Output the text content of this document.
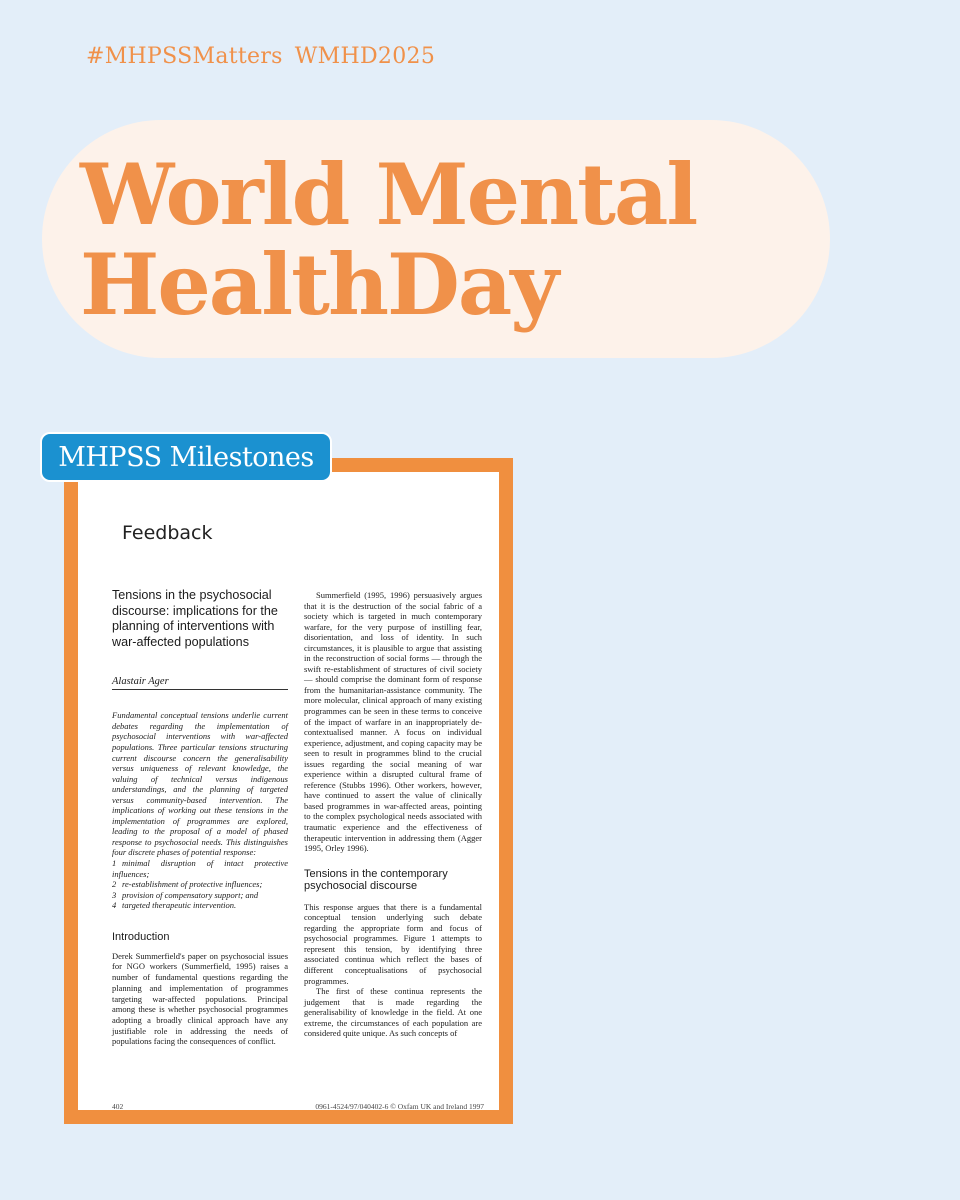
#MHPSSMatters WMHD2025
World Mental
HealthDay
Feedback
Tensions in the psychosocial discourse: implications for the planning of interventions with war-affected populations
Alastair Ager
Fundamental conceptual tensions underlie current debates regarding the implementation of psychosocial interventions with war-affected populations. Three particular tensions structuring current discourse concern the generalisability versus uniqueness of relevant knowledge, the valuing of technical versus indigenous understandings, and the planning of targeted versus community-based intervention. The implications of working out these tensions in the implementation of programmes are explored, leading to the proposal of a model of phased response to psychosocial needs. This distinguishes four discrete phases of potential response:
1 minimal disruption of intact protective influences;
2 re-establishment of protective influences;
3 provision of compensatory support; and
4 targeted therapeutic intervention.
Introduction

Derek Summerfield's paper on psychosocial issues for NGO workers (Summerfield, 1995) raises a number of fundamental questions regarding the planning and implementation of programmes targeting war-affected populations. Principal among these is whether psychosocial programmes adopting a broadly clinical approach have any justifiable role in addressing the needs of populations facing the consequences of conflict.

Summerfield (1995, 1996) persuasively argues that it is the destruction of the social fabric of a society which is targeted in much contemporary warfare, for the very purpose of instilling fear, disorientation, and loss of identity. In such circumstances, it is plausible to argue that assisting in the reconstruction of social forms — through the swift re-establishment of structures of civil society — should comprise the dominant form of response from the humanitarian-assistance community. The more molecular, clinical approach of many existing programmes can be seen in these terms to conceive of the impact of warfare in an inappropriately de-contextualised manner. A focus on individual experience, adjustment, and coping capacity may be seen to result in programmes blind to the crucial issues regarding the social meaning of war experience within a disrupted cultural frame of reference (Stubbs 1996). Other workers, however, have continued to assert the value of clinically based programmes in war-affected areas, pointing to the complex psychological needs associated with traumatic experience and the effectiveness of therapeutic intervention in addressing them (Agger 1995, Orley 1996).

Tensions in the contemporary psychosocial discourse

This response argues that there is a fundamental conceptual tension underlying such debate regarding the appropriate form and focus of psychosocial programmes. Figure 1 attempts to represent this tension, by identifying three associated continua which reflect the bases of different conceptualisations of psychosocial programmes.

The first of these continua represents the judgement that is made regarding the generalisability of knowledge in the field. At one extreme, the circumstances of each population are considered quite unique. As such concepts of

402	0961-4524/97/040402-6 © Oxfam UK and Ireland 1997
MHPSS Milestones
